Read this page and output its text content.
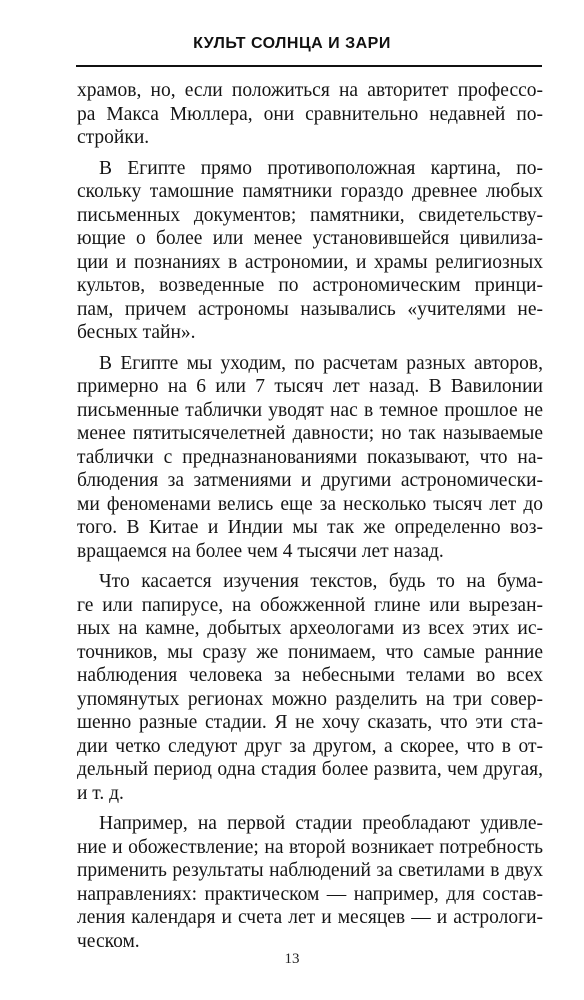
КУЛЬТ СОЛНЦА И ЗАРИ
храмов, но, если положиться на авторитет профессо-
ра Макса Мюллера, они сравнительно недавней по-
стройки.
В Египте прямо противоположная картина, по-
скольку тамошние памятники гораздо древнее любых
письменных документов; памятники, свидетельству-
ющие о более или менее установившейся цивилиза-
ции и познаниях в астрономии, и храмы религиозных
культов, возведенные по астрономическим принци-
пам, причем астрономы назывались «учителями не-
бесных тайн».
В Египте мы уходим, по расчетам разных авторов,
примерно на 6 или 7 тысяч лет назад. В Вавилонии
письменные таблички уводят нас в темное прошлое не
менее пятитысячелетней давности; но так называемые
таблички с предназнанованиями показывают, что на-
блюдения за затмениями и другими астрономически-
ми феноменами велись еще за несколько тысяч лет до
того. В Китае и Индии мы так же определенно воз-
вращаемся на более чем 4 тысячи лет назад.
Что касается изучения текстов, будь то на бума-
ге или папирусе, на обожженной глине или вырезан-
ных на камне, добытых археологами из всех этих ис-
точников, мы сразу же понимаем, что самые ранние
наблюдения человека за небесными телами во всех
упомянутых регионах можно разделить на три совер-
шенно разные стадии. Я не хочу сказать, что эти ста-
дии четко следуют друг за другом, а скорее, что в от-
дельный период одна стадия более развита, чем другая,
и т. д.
Например, на первой стадии преобладают удивле-
ние и обожествление; на второй возникает потребность
применить результаты наблюдений за светилами в двух
направлениях: практическом — например, для состав-
ления календаря и счета лет и месяцев — и астрологи-
ческом.
13
